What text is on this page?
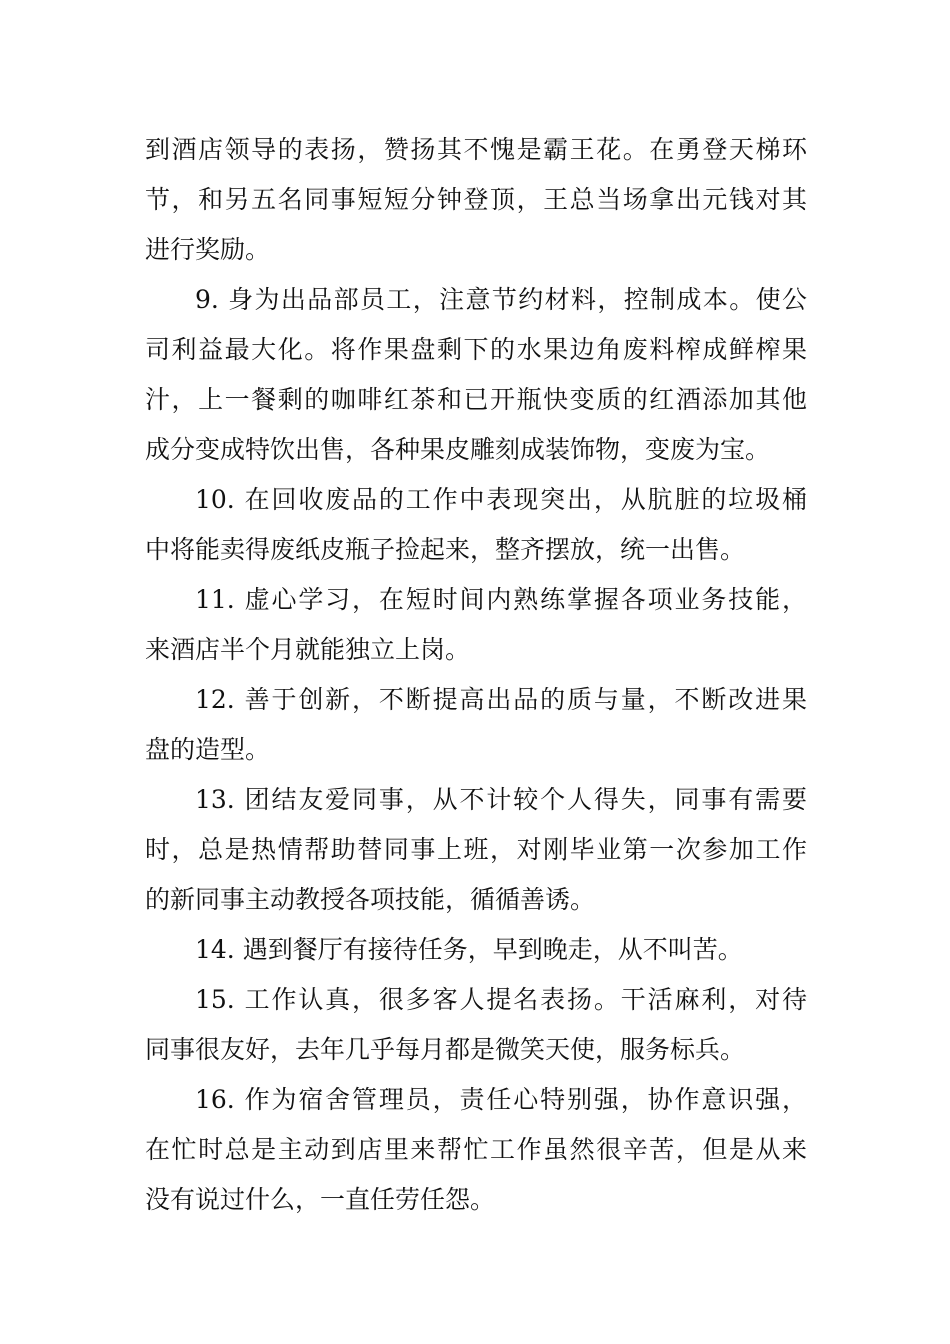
到酒店领导的表扬，赞扬其不愧是霸王花。在勇登天梯环
节，和另五名同事短短分钟登顶，王总当场拿出元钱对其
进行奖励。
9. 身为出品部员工，注意节约材料，控制成本。使公
司利益最大化。将作果盘剩下的水果边角废料榨成鲜榨果
汁，上一餐剩的咖啡红茶和已开瓶快变质的红酒添加其他
成分变成特饮出售，各种果皮雕刻成装饰物，变废为宝。
10. 在回收废品的工作中表现突出，从肮脏的垃圾桶
中将能卖得废纸皮瓶子捡起来，整齐摆放，统一出售。
11. 虚心学习，在短时间内熟练掌握各项业务技能，
来酒店半个月就能独立上岗。
12. 善于创新，不断提高出品的质与量，不断改进果
盘的造型。
13. 团结友爱同事，从不计较个人得失，同事有需要
时，总是热情帮助替同事上班，对刚毕业第一次参加工作
的新同事主动教授各项技能，循循善诱。
14. 遇到餐厅有接待任务，早到晚走，从不叫苦。
15. 工作认真，很多客人提名表扬。干活麻利，对待
同事很友好，去年几乎每月都是微笑天使，服务标兵。
16. 作为宿舍管理员，责任心特别强，协作意识强，
在忙时总是主动到店里来帮忙工作虽然很辛苦，但是从来
没有说过什么，一直任劳任怨。
